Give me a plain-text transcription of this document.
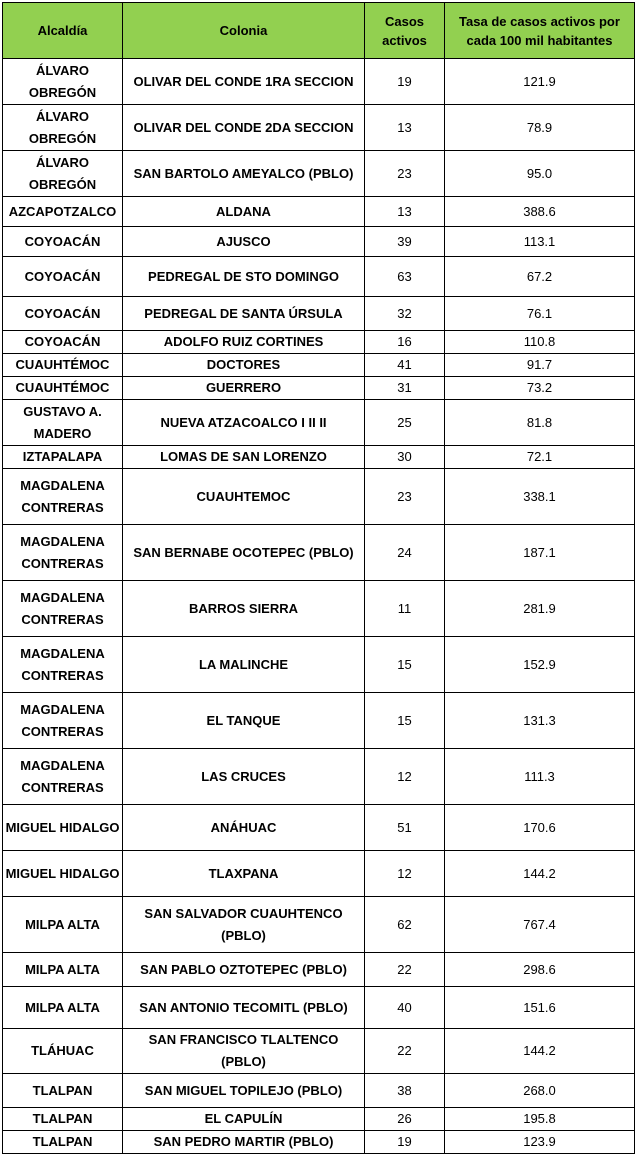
Alcaldía	Colonia	Casos activos	Tasa de casos activos por cada 100 mil habitantes
ÁLVARO OBREGÓN	OLIVAR DEL CONDE 1RA SECCION	19	121.9
ÁLVARO OBREGÓN	OLIVAR DEL CONDE 2DA SECCION	13	78.9
ÁLVARO OBREGÓN	SAN BARTOLO AMEYALCO (PBLO)	23	95.0
AZCAPOTZALCO	ALDANA	13	388.6
COYOACÁN	AJUSCO	39	113.1
COYOACÁN	PEDREGAL DE STO DOMINGO	63	67.2
COYOACÁN	PEDREGAL DE SANTA ÚRSULA	32	76.1
COYOACÁN	ADOLFO RUIZ CORTINES	16	110.8
CUAUHTÉMOC	DOCTORES	41	91.7
CUAUHTÉMOC	GUERRERO	31	73.2
GUSTAVO A. MADERO	NUEVA ATZACOALCO I II II	25	81.8
IZTAPALAPA	LOMAS DE SAN LORENZO	30	72.1
MAGDALENA CONTRERAS	CUAUHTEMOC	23	338.1
MAGDALENA CONTRERAS	SAN BERNABE OCOTEPEC (PBLO)	24	187.1
MAGDALENA CONTRERAS	BARROS SIERRA	11	281.9
MAGDALENA CONTRERAS	LA MALINCHE	15	152.9
MAGDALENA CONTRERAS	EL TANQUE	15	131.3
MAGDALENA CONTRERAS	LAS CRUCES	12	111.3
MIGUEL HIDALGO	ANÁHUAC	51	170.6
MIGUEL HIDALGO	TLAXPANA	12	144.2
MILPA ALTA	SAN SALVADOR CUAUHTENCO (PBLO)	62	767.4
MILPA ALTA	SAN PABLO OZTOTEPEC (PBLO)	22	298.6
MILPA ALTA	SAN ANTONIO TECOMITL (PBLO)	40	151.6
TLÁHUAC	SAN FRANCISCO TLALTENCO (PBLO)	22	144.2
TLALPAN	SAN MIGUEL TOPILEJO (PBLO)	38	268.0
TLALPAN	EL CAPULÍN	26	195.8
TLALPAN	SAN PEDRO MARTIR (PBLO)	19	123.9
